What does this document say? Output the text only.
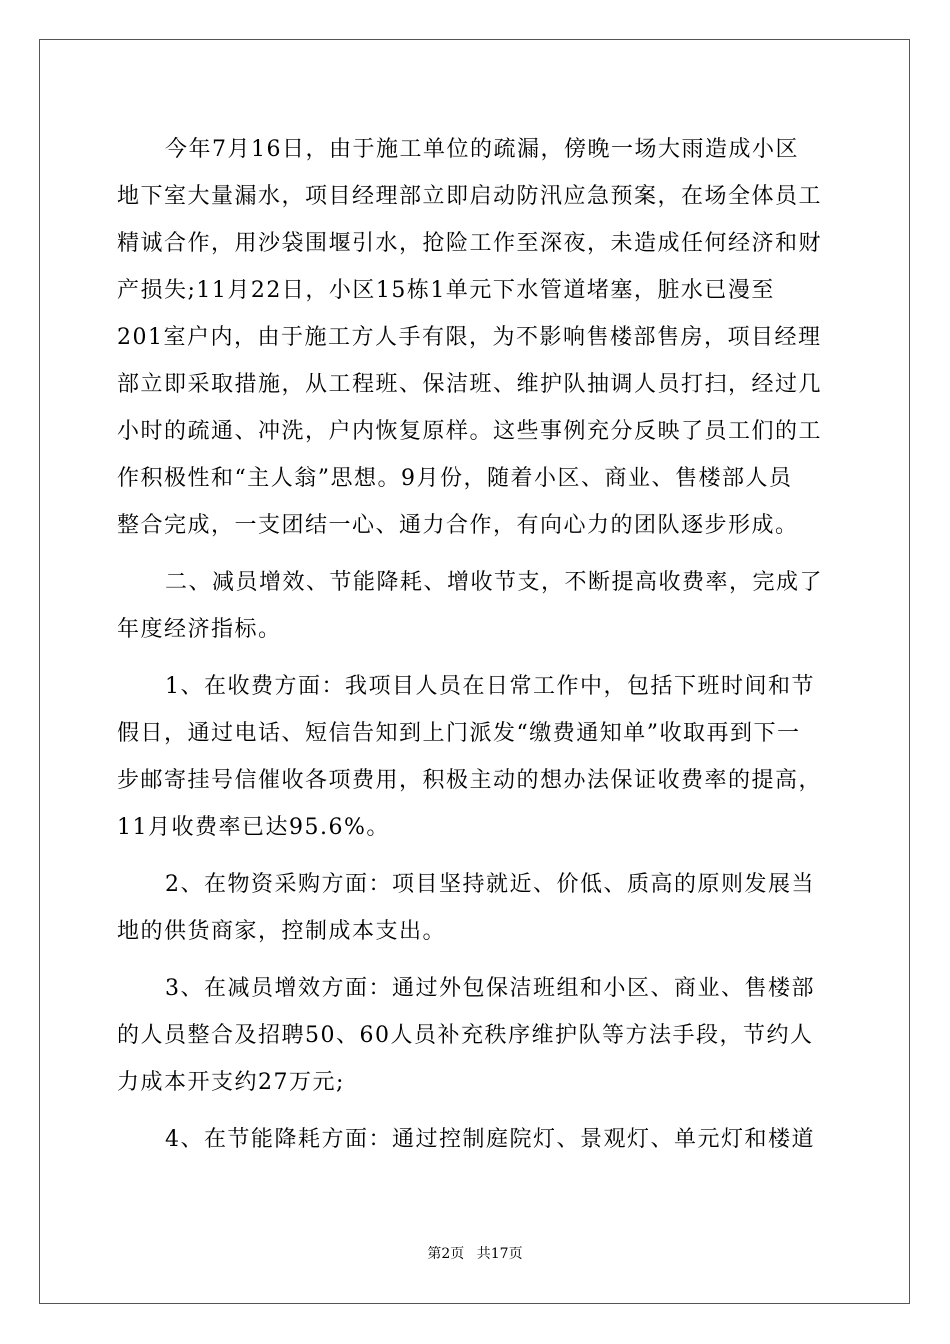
今年7月16日，由于施工单位的疏漏，傍晚一场大雨造成小区
地下室大量漏水，项目经理部立即启动防汛应急预案，在场全体员工
精诚合作，用沙袋围堰引水，抢险工作至深夜，未造成任何经济和财
产损失;11月22日，小区15栋1单元下水管道堵塞，脏水已漫至
201室户内，由于施工方人手有限，为不影响售楼部售房，项目经理
部立即采取措施，从工程班、保洁班、维护队抽调人员打扫，经过几
小时的疏通、冲洗，户内恢复原样。这些事例充分反映了员工们的工
作积极性和“主人翁”思想。9月份，随着小区、商业、售楼部人员
整合完成，一支团结一心、通力合作，有向心力的团队逐步形成。
二、减员增效、节能降耗、增收节支，不断提高收费率，完成了
年度经济指标。
1、在收费方面：我项目人员在日常工作中，包括下班时间和节
假日，通过电话、短信告知到上门派发“缴费通知单”收取再到下一
步邮寄挂号信催收各项费用，积极主动的想办法保证收费率的提高，
11月收费率已达95.6%。
2、在物资采购方面：项目坚持就近、价低、质高的原则发展当
地的供货商家，控制成本支出。
3、在减员增效方面：通过外包保洁班组和小区、商业、售楼部
的人员整合及招聘50、60人员补充秩序维护队等方法手段，节约人
力成本开支约27万元;
4、在节能降耗方面：通过控制庭院灯、景观灯、单元灯和楼道
第2页 共17页
